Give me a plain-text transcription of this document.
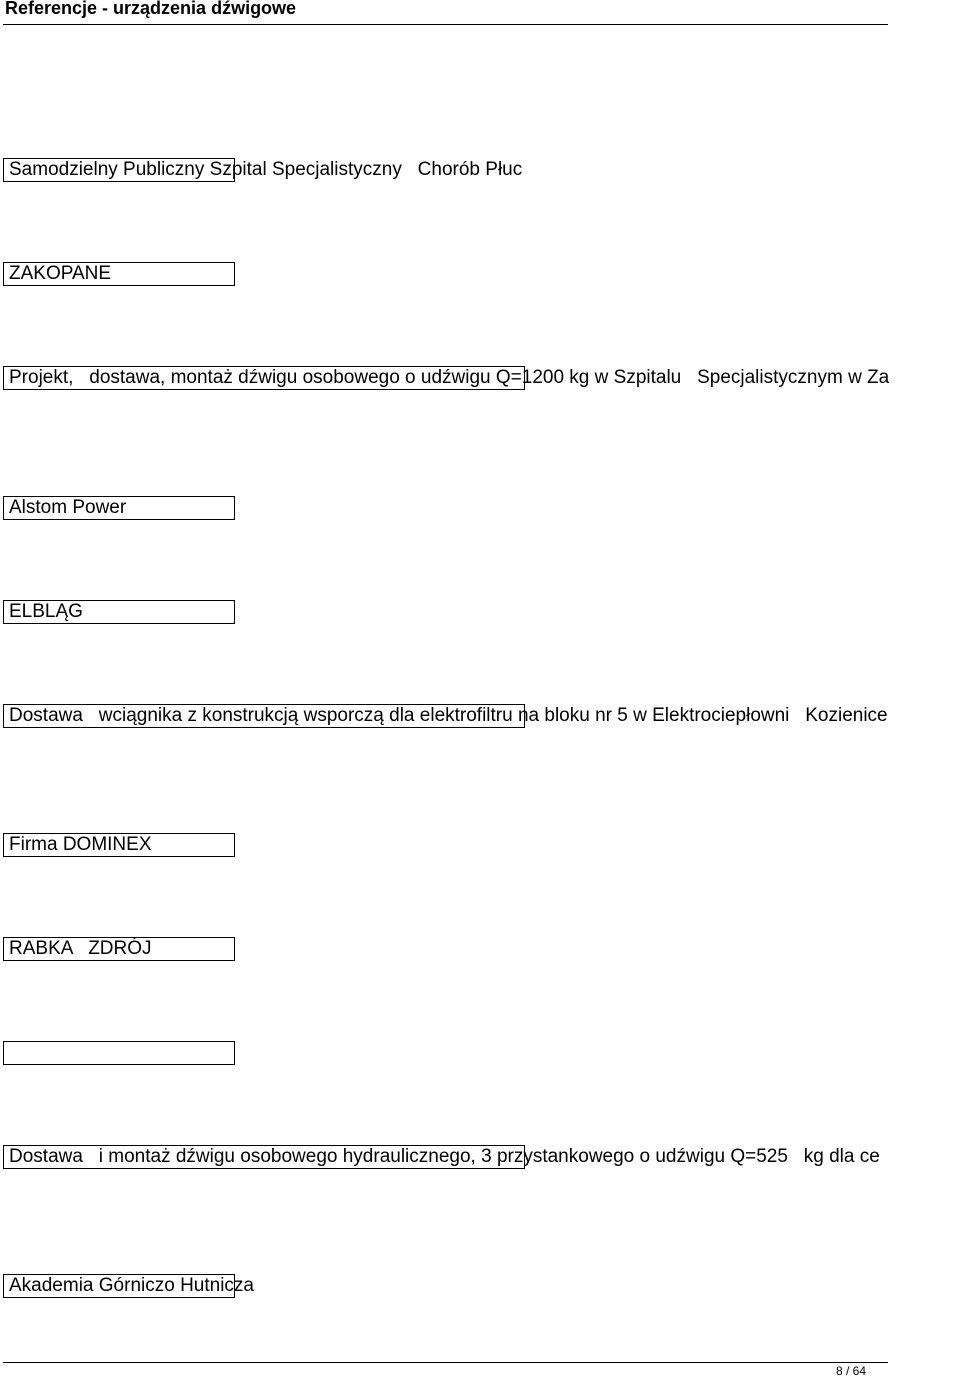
Referencje - urządzenia dźwigowe
Samodzielny Publiczny Szpital Specjalistyczny   Chorób Płuc
ZAKOPANE
Projekt,   dostawa, montaż dźwigu osobowego o udźwigu Q=1200 kg w Szpitalu   Specjalistycznym w Za
Alstom Power
ELBLĄG
Dostawa   wciągnika z konstrukcją wsporczą dla elektrofiltru na bloku nr 5 w Elektrociepłowni   Kozienice
Firma DOMINEX
RABKA   ZDRÓJ
Dostawa   i montaż dźwigu osobowego hydraulicznego, 3 przystankowego o udźwigu Q=525   kg dla ce
Akademia Górniczo Hutnicza
8 / 64
